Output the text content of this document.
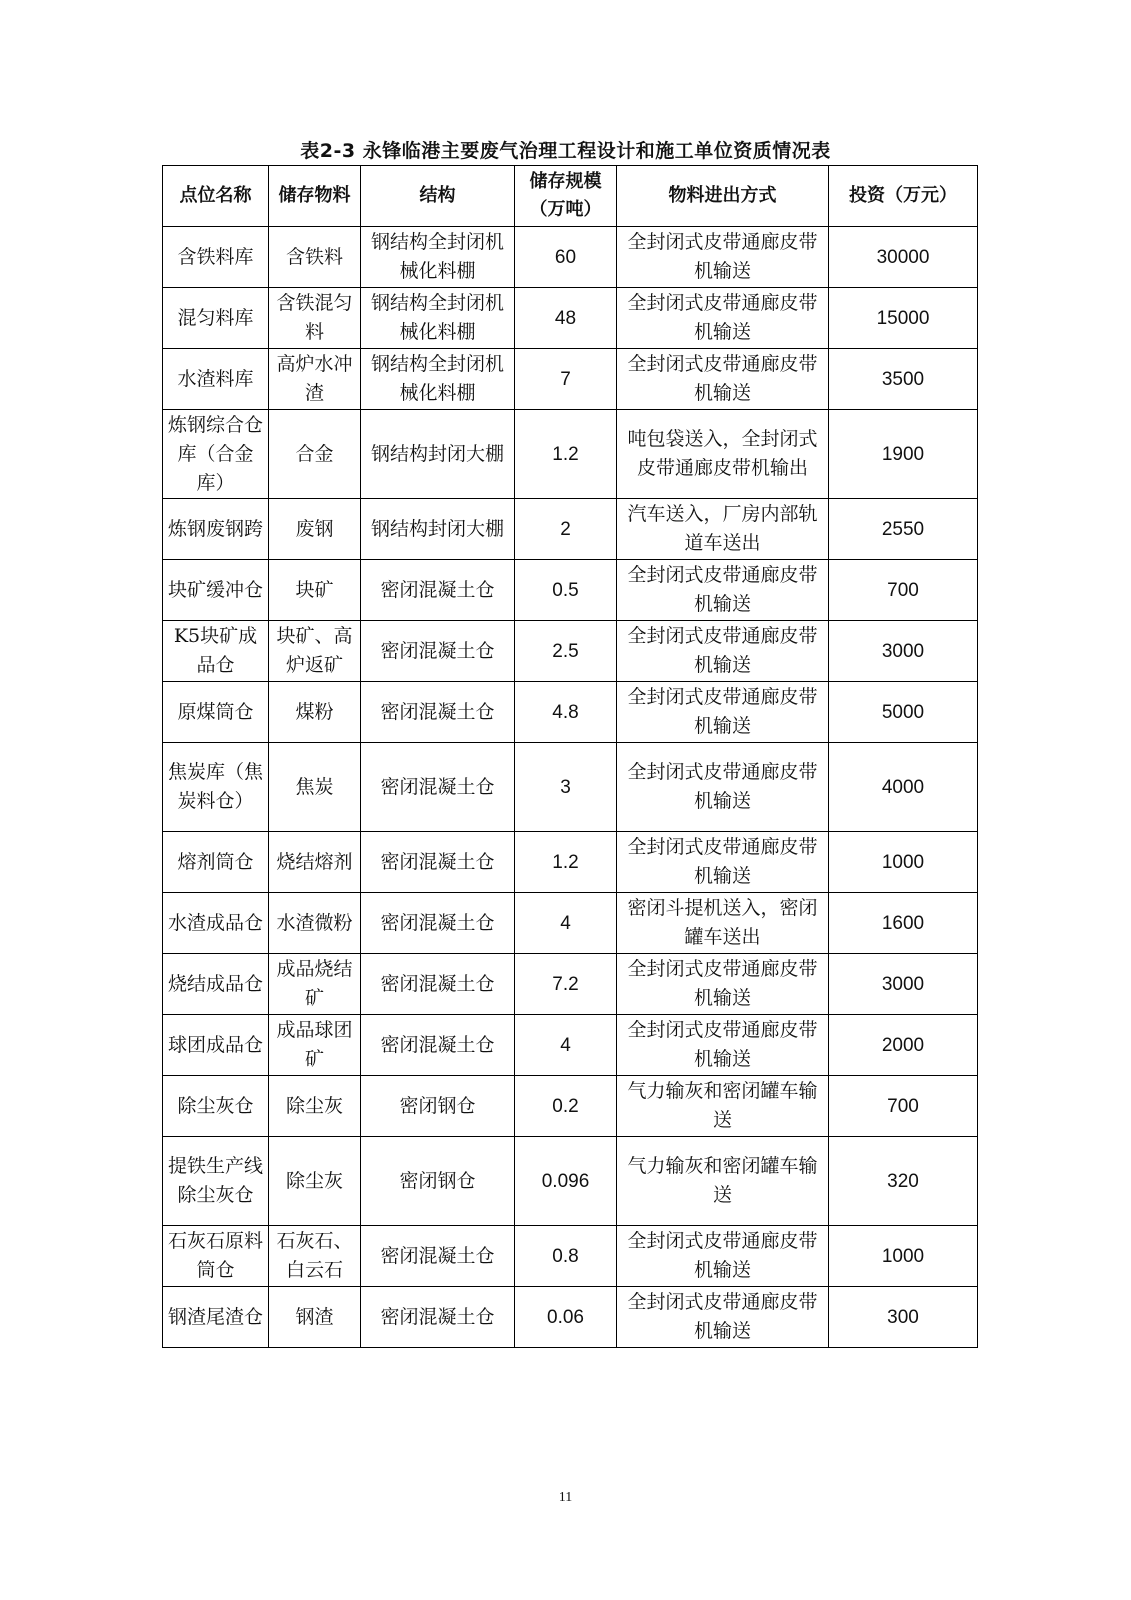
表2-3 永锋临港主要废气治理工程设计和施工单位资质情况表
点位名称	储存物料	结构	储存规模（万吨）	物料进出方式	投资（万元）
含铁料库	含铁料	钢结构全封闭机械化料棚	60	全封闭式皮带通廊皮带机输送	30000
混匀料库	含铁混匀料	钢结构全封闭机械化料棚	48	全封闭式皮带通廊皮带机输送	15000
水渣料库	高炉水冲渣	钢结构全封闭机械化料棚	7	全封闭式皮带通廊皮带机输送	3500
炼钢综合仓库（合金库）	合金	钢结构封闭大棚	1.2	吨包袋送入，全封闭式皮带通廊皮带机输出	1900
炼钢废钢跨	废钢	钢结构封闭大棚	2	汽车送入，厂房内部轨道车送出	2550
块矿缓冲仓	块矿	密闭混凝土仓	0.5	全封闭式皮带通廊皮带机输送	700
K5块矿成品仓	块矿、高炉返矿	密闭混凝土仓	2.5	全封闭式皮带通廊皮带机输送	3000
原煤筒仓	煤粉	密闭混凝土仓	4.8	全封闭式皮带通廊皮带机输送	5000
焦炭库（焦炭料仓）	焦炭	密闭混凝土仓	3	全封闭式皮带通廊皮带机输送	4000
熔剂筒仓	烧结熔剂	密闭混凝土仓	1.2	全封闭式皮带通廊皮带机输送	1000
水渣成品仓	水渣微粉	密闭混凝土仓	4	密闭斗提机送入，密闭罐车送出	1600
烧结成品仓	成品烧结矿	密闭混凝土仓	7.2	全封闭式皮带通廊皮带机输送	3000
球团成品仓	成品球团矿	密闭混凝土仓	4	全封闭式皮带通廊皮带机输送	2000
除尘灰仓	除尘灰	密闭钢仓	0.2	气力输灰和密闭罐车输送	700
提铁生产线除尘灰仓	除尘灰	密闭钢仓	0.096	气力输灰和密闭罐车输送	320
石灰石原料筒仓	石灰石、白云石	密闭混凝土仓	0.8	全封闭式皮带通廊皮带机输送	1000
钢渣尾渣仓	钢渣	密闭混凝土仓	0.06	全封闭式皮带通廊皮带机输送	300
11
